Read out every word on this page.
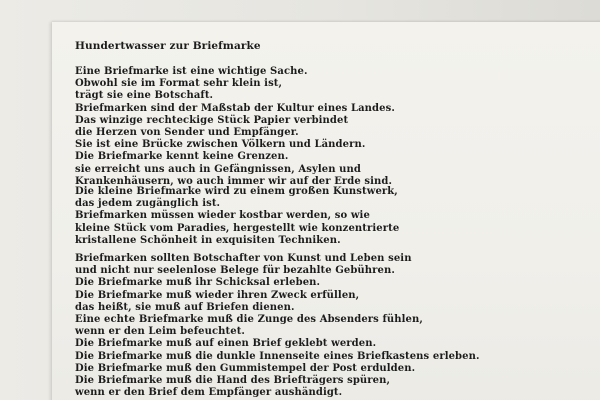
Hundertwasser zur Briefmarke
Eine Briefmarke ist eine wichtige Sache.
Obwohl sie im Format sehr klein ist,
trägt sie eine Botschaft.
Briefmarken sind der Maßstab der Kultur eines Landes.
Das winzige rechteckige Stück Papier verbindet
die Herzen von Sender und Empfänger.
Sie ist eine Brücke zwischen Völkern und Ländern.
Die Briefmarke kennt keine Grenzen.
sie erreicht uns auch in Gefängnissen, Asylen und
Krankenhäusern, wo auch immer wir auf der Erde sind.
Die kleine Briefmarke wird zu einem großen Kunstwerk,
das jedem zugänglich ist.
Briefmarken müssen wieder kostbar werden, so wie
kleine Stück vom Paradies, hergestellt wie konzentrierte
kristallene Schönheit in exquisiten Techniken.
Briefmarken sollten Botschafter von Kunst und Leben sein
und nicht nur seelenlose Belege für bezahlte Gebühren.
Die Briefmarke muß ihr Schicksal erleben.
Die Briefmarke muß wieder ihren Zweck erfüllen,
das heißt, sie muß auf Briefen dienen.
Eine echte Briefmarke muß die Zunge des Absenders fühlen,
wenn er den Leim befeuchtet.
Die Briefmarke muß auf einen Brief geklebt werden.
Die Briefmarke muß die dunkle Innenseite eines Briefkastens erleben.
Die Briefmarke muß den Gummistempel der Post erdulden.
Die Briefmarke muß die Hand des Briefträgers spüren,
wenn er den Brief dem Empfänger aushändigt.
